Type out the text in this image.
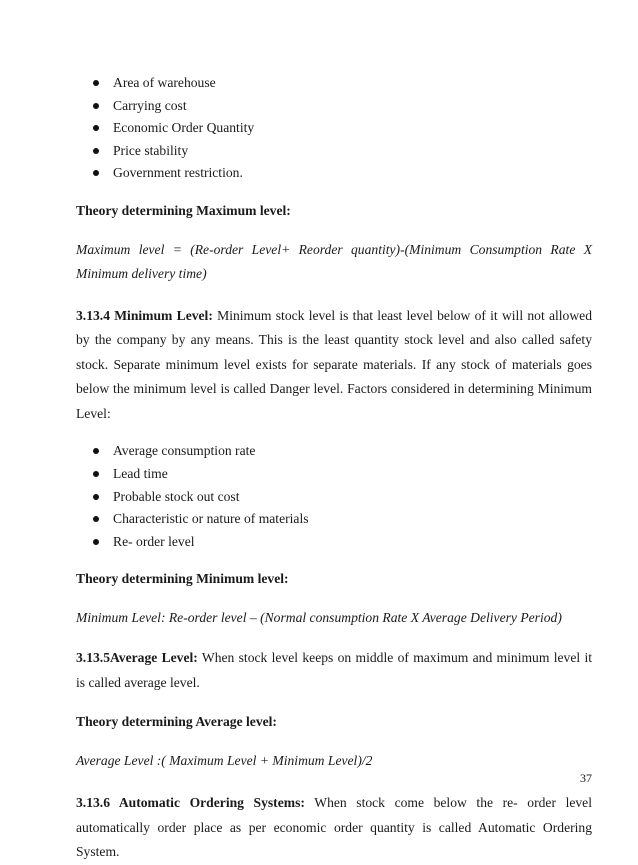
Area of warehouse
Carrying cost
Economic Order Quantity
Price stability
Government restriction.

Theory determining Maximum level:

Maximum level = (Re-order Level+ Reorder quantity)-(Minimum Consumption Rate X Minimum delivery time)

3.13.4 Minimum Level: Minimum stock level is that least level below of it will not allowed by the company by any means. This is the least quantity stock level and also called safety stock. Separate minimum level exists for separate materials. If any stock of materials goes below the minimum level is called Danger level. Factors considered in determining Minimum Level:

Average consumption rate
Lead time
Probable stock out cost
Characteristic or nature of materials
Re- order level

Theory determining Minimum level:

Minimum Level: Re-order level – (Normal consumption Rate X Average Delivery Period)

3.13.5Average Level: When stock level keeps on middle of maximum and minimum level it is called average level.

Theory determining Average level:

Average Level :( Maximum Level + Minimum Level)/2

3.13.6 Automatic Ordering Systems: When stock come below the re- order level automatically order place as per economic order quantity is called Automatic Ordering System.

37
